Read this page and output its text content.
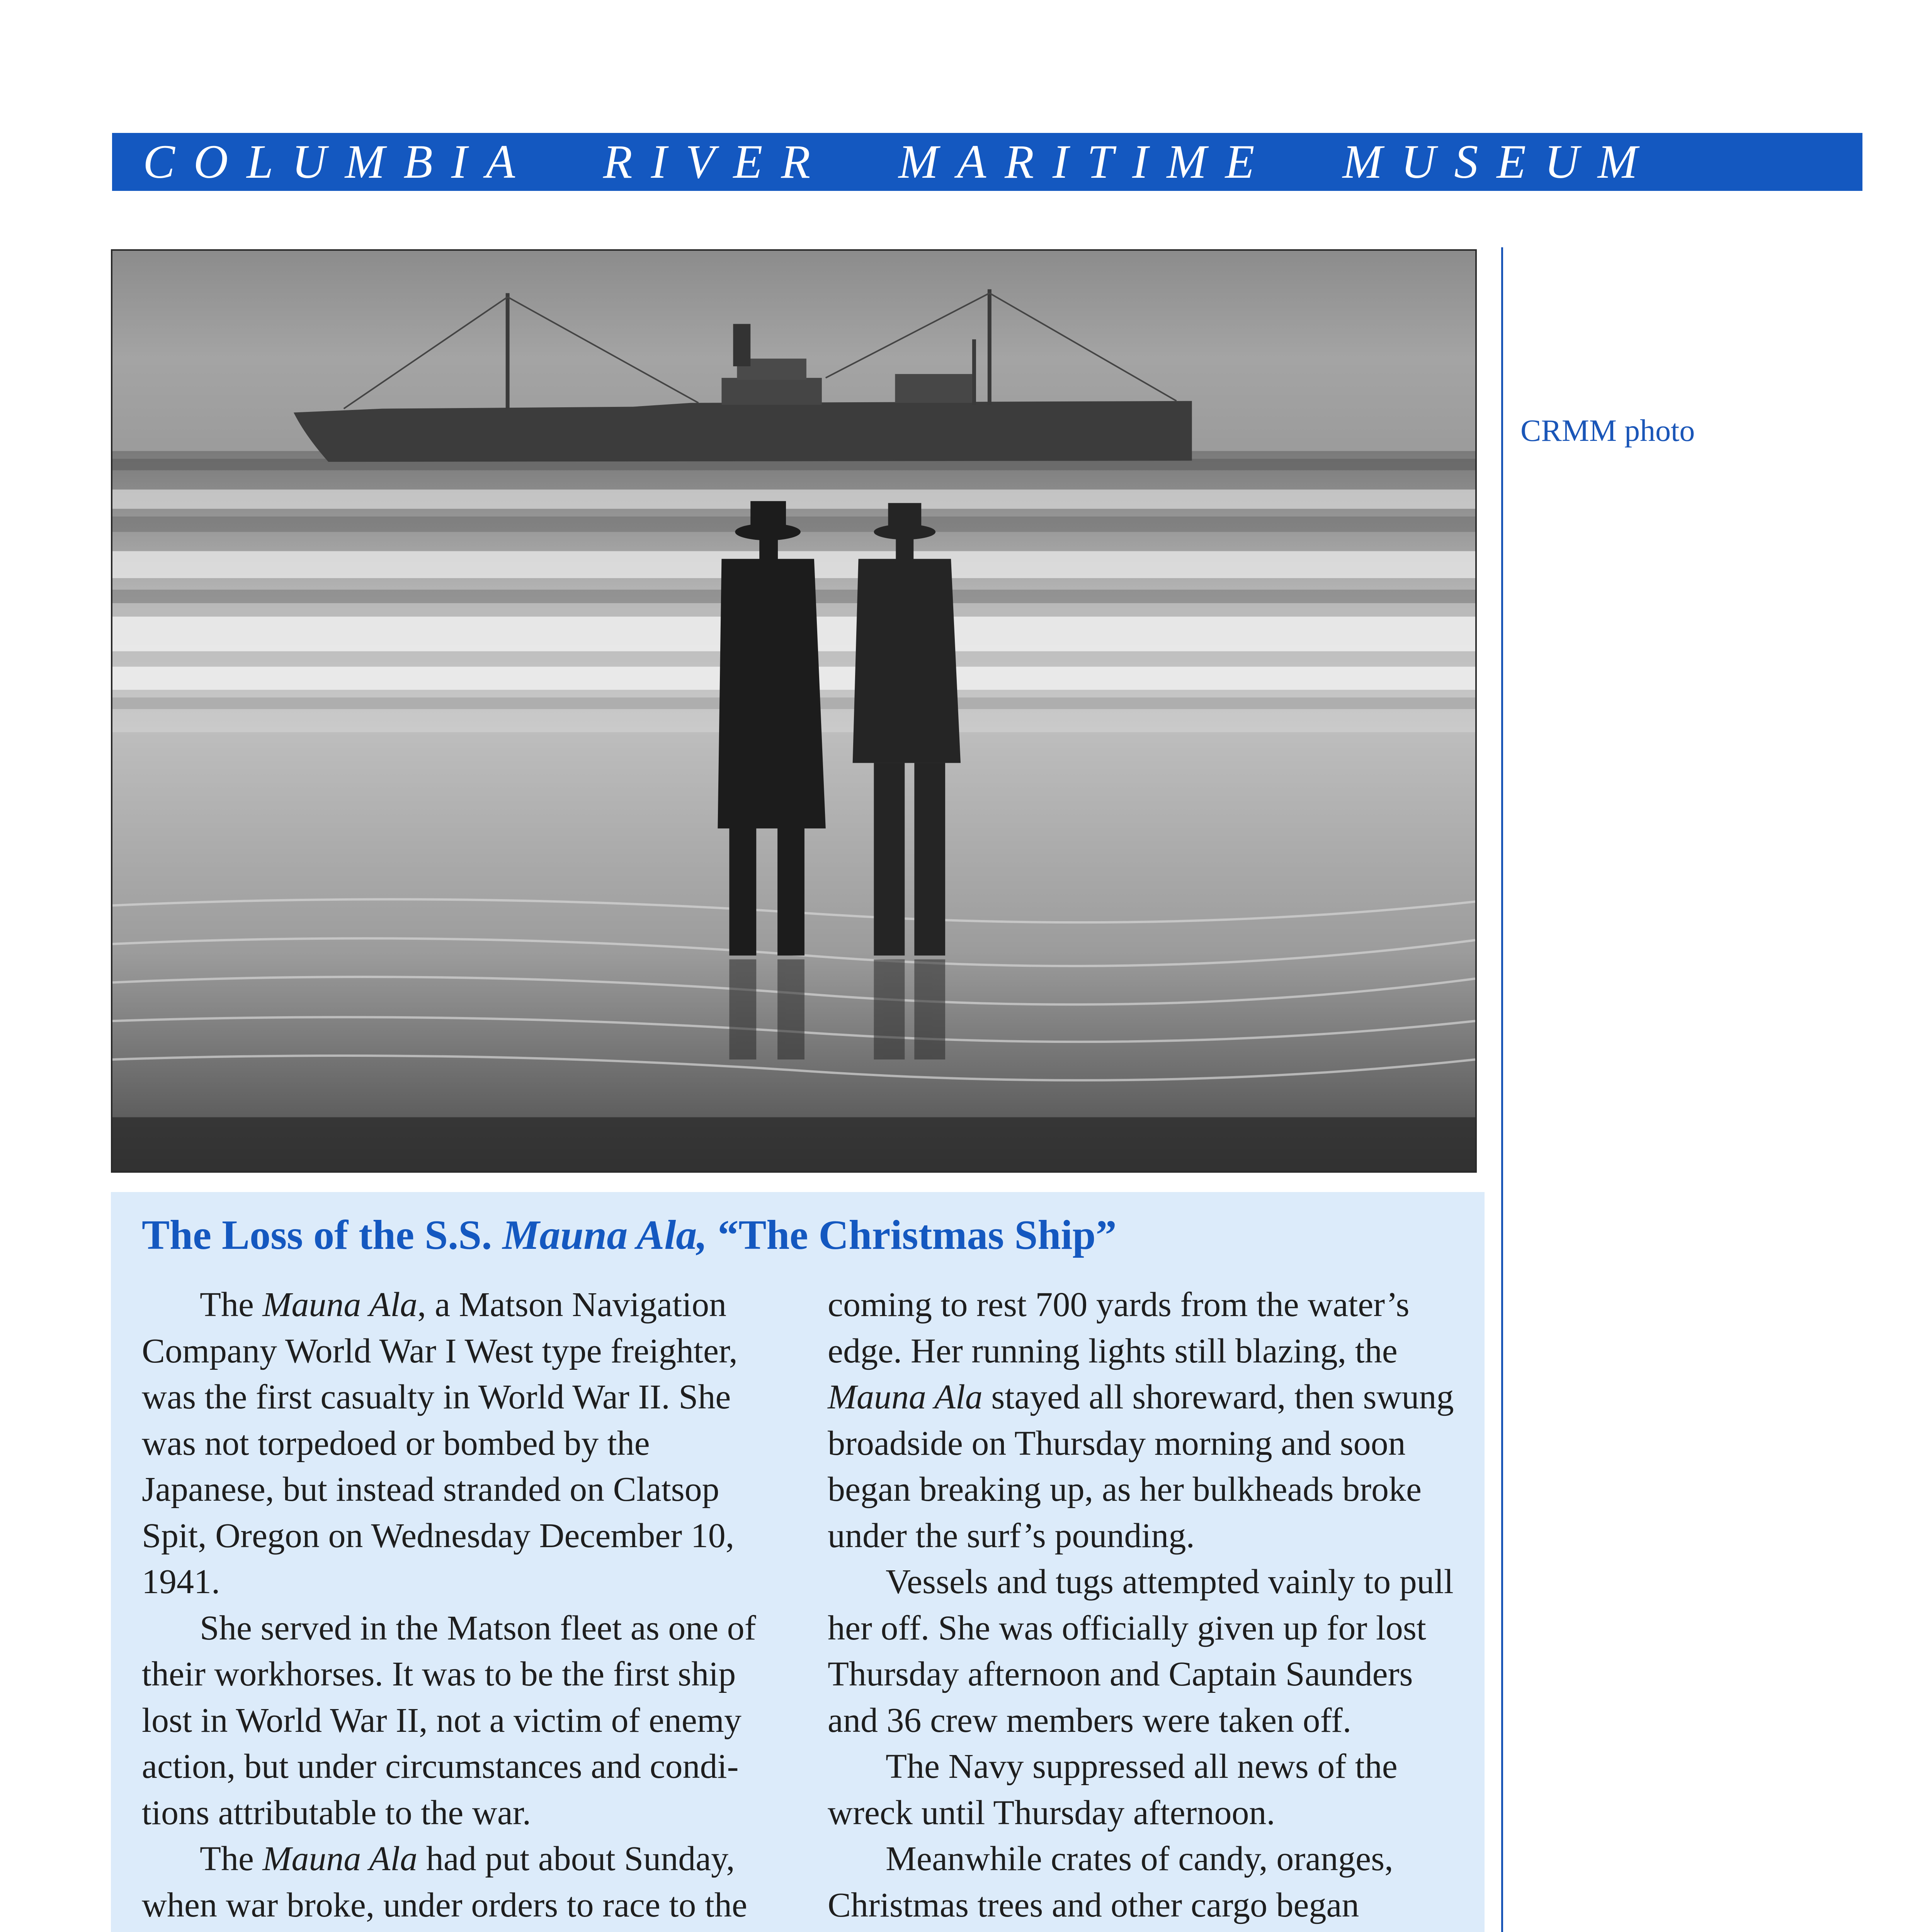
COLUMBIA RIVER MARITIME MUSEUM
CRMM photo
The Loss of the S.S. Mauna Ala, “The Christmas Ship”

The Mauna Ala, a Matson Navigation Company World War I West type freighter, was the first casualty in World War II. She was not torpedoed or bombed by the Japanese, but instead stranded on Clatsop Spit, Oregon on Wednesday December 10, 1941.

She served in the Matson fleet as one of their workhorses. It was to be the first ship lost in World War II, not a victim of enemy action, but under circumstances and condi-tions attributable to the war.

The Mauna Ala had put about Sunday, when war broke, under orders to race to the

coming to rest 700 yards from the water’s edge. Her running lights still blazing, the Mauna Ala stayed all shoreward, then swung broadside on Thursday morning and soon began breaking up, as her bulkheads broke under the surf’s pounding.

Vessels and tugs attempted vainly to pull her off. She was officially given up for lost Thursday afternoon and Captain Saunders and 36 crew members were taken off.

The Navy suppressed all news of the wreck until Thursday afternoon.

Meanwhile crates of candy, oranges, Christmas trees and other cargo began
